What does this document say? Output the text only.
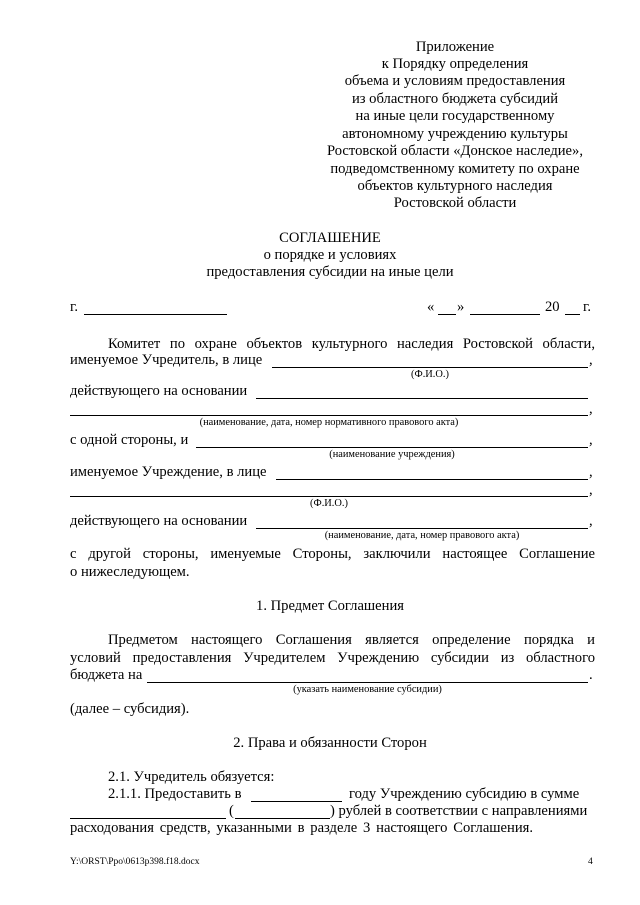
Приложение
к Порядку определения
объема и условиям предоставления
из областного бюджета субсидий
на иные цели государственному
автономному учреждению культуры
Ростовской области «Донское наследие»,
подведомственному комитету по охране
объектов культурного наследия
Ростовской области
СОГЛАШЕНИЕ
о порядке и условиях
предоставления субсидии на иные цели
г.	« »	20 г.
Комитет по охране объектов культурного наследия Ростовской области,
именуемое Учредитель, в лице	,
(Ф.И.О.)
действующего на основании
,
(наименование, дата, номер нормативного правового акта)
с одной стороны, и	,
(наименование учреждения)
именуемое Учреждение, в лице	,
,
(Ф.И.О.)
действующего на основании	,
(наименование, дата, номер правового акта)
с другой стороны, именуемые Стороны, заключили настоящее Соглашение
о нижеследующем.
1. Предмет Соглашения
Предметом настоящего Соглашения является определение порядка и
условий предоставления Учредителем Учреждению субсидии из областного
бюджета на	.
(указать наименование субсидии)
(далее – субсидия).
2. Права и обязанности Сторон
2.1. Учредитель обязуется:
2.1.1. Предоставить в	году Учреждению субсидию в сумме
(	) рублей в соответствии с направлениями
расходования средств, указанными в разделе 3 настоящего Соглашения.
Y:\ORST\Ppo\0613p398.f18.docx	4
